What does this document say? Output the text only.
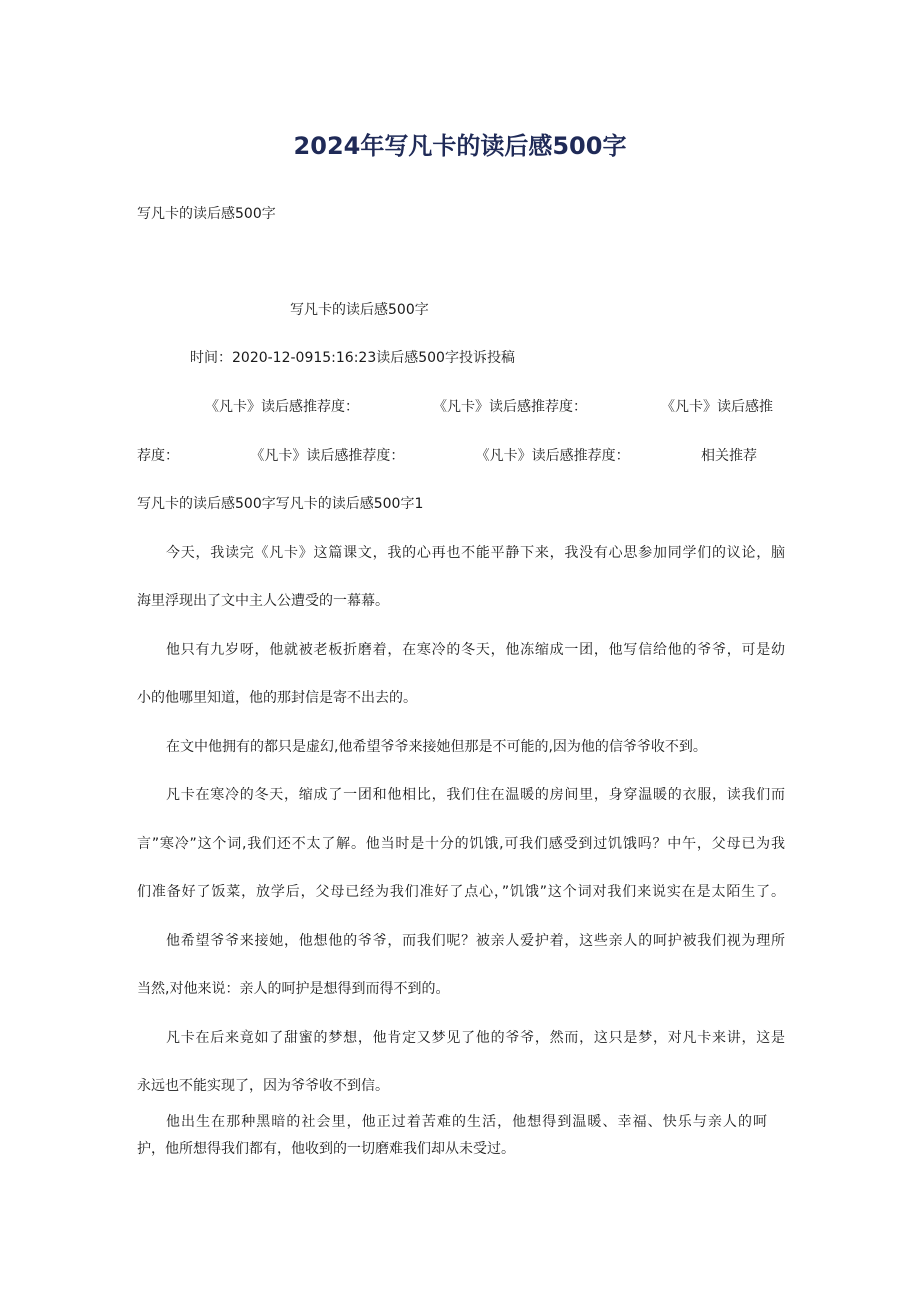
2024年写凡卡的读后感500字
写凡卡的读后感500字
写凡卡的读后感500字
时间：2020-12-0915:16:23读后感500字投诉投稿
《凡卡》读后感推荐度：	《凡卡》读后感推荐度：	《凡卡》读后感推
荐度：	《凡卡》读后感推荐度：	《凡卡》读后感推荐度：	相关推荐
写凡卡的读后感500字写凡卡的读后感500字1
今天，我读完《凡卡》这篇课文，我的心再也不能平静下来，我没有心思参加同学们的议论，脑
海里浮现出了文中主人公遭受的一幕幕。
他只有九岁呀，他就被老板折磨着，在寒冷的冬天，他冻缩成一团，他写信给他的爷爷，可是幼
小的他哪里知道，他的那封信是寄不出去的。
在文中他拥有的都只是虚幻,他希望爷爷来接她但那是不可能的,因为他的信爷爷收不到。
凡卡在寒冷的冬天，缩成了一团和他相比，我们住在温暖的房间里，身穿温暖的衣服，读我们而
言”寒冷”这个词,我们还不太了解。他当时是十分的饥饿,可我们感受到过饥饿吗？中午，父母已为我
们准备好了饭菜，放学后，父母已经为我们准好了点心，”饥饿”这个词对我们来说实在是太陌生了。
他希望爷爷来接她，他想他的爷爷，而我们呢？被亲人爱护着，这些亲人的呵护被我们视为理所
当然,对他来说：亲人的呵护是想得到而得不到的。
凡卡在后来竟如了甜蜜的梦想，他肯定又梦见了他的爷爷，然而，这只是梦，对凡卡来讲，这是
永远也不能实现了，因为爷爷收不到信。
他出生在那种黑暗的社会里，他正过着苦难的生活，他想得到温暖、幸福、快乐与亲人的呵
护，他所想得我们都有，他收到的一切磨难我们却从未受过。
